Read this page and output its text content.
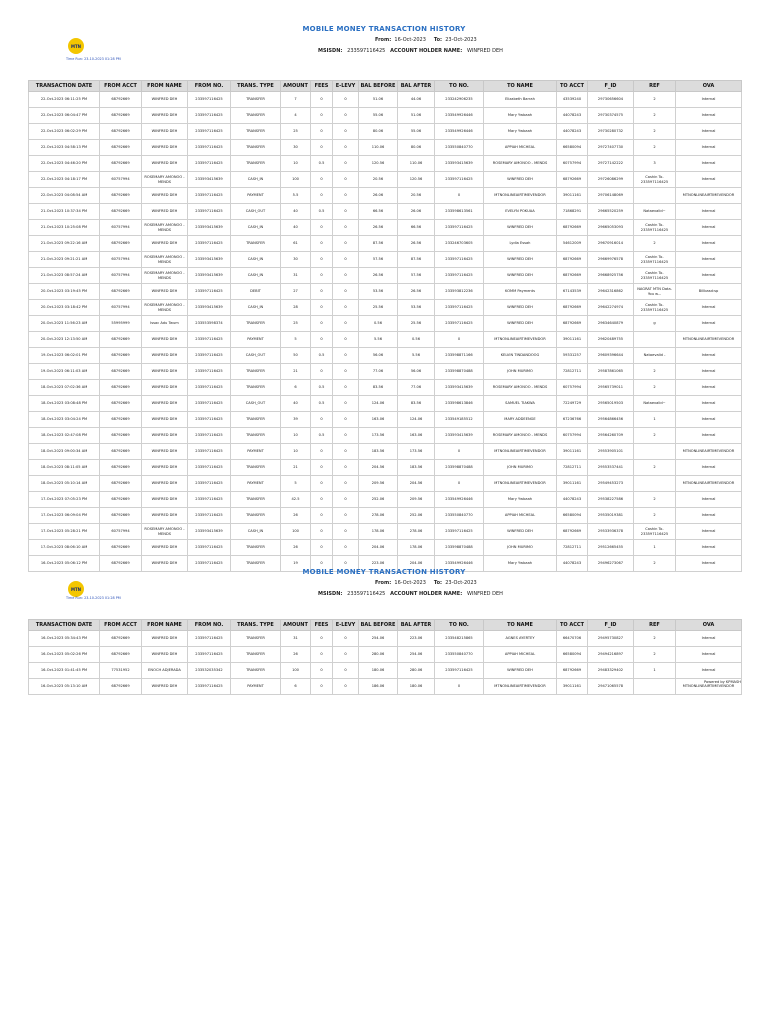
MTN
Time Run: 23-10-2023 01:28 PM
MOBILE MONEY TRANSACTION HISTORY
From: 16-Oct-2023 To: 23-Oct-2023
MSISDN: 233597116425 ACCOUNT HOLDER NAME: WINFRED DEH
TRANSACTION DATE	FROM ACCT	FROM NAME	FROM NO.	TRANS. TYPE	AMOUNT	FEES	E-LEVY	BAL BEFORE	BAL AFTER	TO NO.	TO NAME	TO ACCT	F_ID	REF	OVA
22-Oct-2023 06:11:25 PM	68792669	WINFRED DEH	233597116425	TRANSFER	7	0	0	51.06	44.06	233242906235	Elizabeth Barrah	43539240	29730656604	2	Internal
22-Oct-2023 06:04:47 PM	68792669	WINFRED DEH	233597116425	TRANSFER	4	0	0	55.06	51.06	233549926446	Mary Ywbaah	44078243	29730374575	2	Internal
22-Oct-2023 06:02:29 PM	68792669	WINFRED DEH	233597116425	TRANSFER	25	0	0	80.06	55.06	233549926446	Mary Ywbaah	44078243	29730280732	2	Internal
22-Oct-2023 04:58:13 PM	68792669	WINFRED DEH	233597116425	TRANSFER	30	0	0	110.06	80.06	233550840770	APPIAH MICHEAL	66580094	29727407730	2	Internal
22-Oct-2023 04:46:20 PM	68792669	WINFRED DEH	233597116425	TRANSFER	10	0.5	0	120.56	110.06	233593415639	ROSEMARY AMONOO - MENDS	60757994	29727142222	3	Internal
22-Oct-2023 04:18:17 PM	60757994	ROSEMARY AMONOO - MENDS	233593415639	CASH_IN	100	0	0	20.56	120.56	233597116425	WINFRED DEH	68792669	29726086299	Cashin To-233597116425	Internal
22-Oct-2023 04:08:54 AM	68792669	WINFRED DEH	233597116425	PAYMENT	5.5	0	0	26.06	20.56	0	MTNONLINEAIRTIMEVENDOR	39011161	29706148069		MTNONLINEAIRTIMEVENDOR
21-Oct-2023 10:37:34 PM	68792669	WINFRED DEH	233597116425	CASH_OUT	40	0.5	0	66.56	26.06	233598613561	EVELYN POKUAA	71868291	29665520259	Nataevalid~	Internal
21-Oct-2023 10:25:08 PM	60757994	ROSEMARY AMONOO - MENDS	233593415639	CASH_IN	40	0	0	26.56	66.56	233597116425	WINFRED DEH	68792669	29665053093	Cashin To-233597116425	Internal
21-Oct-2023 09:22:16 AM	68792669	WINFRED DEH	233597116425	TRANSFER	61	0	0	87.56	26.56	233246703605	Lydia Essah	54612009	29670916014	2	Internal
21-Oct-2023 09:21:21 AM	60757994	ROSEMARY AMONOO - MENDS	233593415639	CASH_IN	30	0	0	57.56	87.56	233597116425	WINFRED DEH	68792669	29669976578	Cashin To-233597116425	Internal
21-Oct-2023 08:57:24 AM	60757994	ROSEMARY AMONOO - MENDS	233593415639	CASH_IN	31	0	0	26.56	57.56	233597116425	WINFRED DEH	68792669	29668925756	Cashin To-233597116425	Internal
20-Oct-2023 03:19:45 PM	68792669	WINFRED DEH	233597116425	DEBIT	27	0	0	53.56	26.56	233593812236	KOMM Payments	67143539	29642316862	NAGRAT MTN Data. You w...	Billbasd:sp
20-Oct-2023 03:18:42 PM	60757994	ROSEMARY AMONOO - MENDS	233593415639	CASH_IN	28	0	0	25.56	53.56	233597116425	WINFRED DEH	68792669	29642274974	Cashin To-233597116425	Internal
20-Oct-2023 11:56:23 AM	55995999	Issac Adu Twum	233553598374	TRANSFER	25	0	0	0.56	25.56	233597116425	WINFRED DEH	68792669	29634640879	g	Internal
20-Oct-2023 12:13:50 AM	68792669	WINFRED DEH	233597116425	PAYMENT	5	0	0	5.56	0.56	0	MTNONLINEAIRTIMEVENDOR	39011161	29620489755		MTNONLINEAIRTIMEVENDOR
19-Oct-2023 06:02:01 PM	68792669	WINFRED DEH	233597116425	CASH_OUT	50	0.5	0	56.06	5.56	233598871166	KELVIN TINDANDOOG	59331257	29609396644	Nataevalid -	Internal
19-Oct-2023 06:11:03 AM	68792669	WINFRED DEH	233597116425	TRANSFER	21	0	0	77.06	56.06	233598870488	JOHN MURIMO	72812711	29587861065	2	Internal
18-Oct-2023 07:02:36 AM	68792669	WINFRED DEH	233597116425	TRANSFER	6	0.5	0	83.56	77.06	233593415639	ROSEMARY AMONOO - MENDS	60757994	29565739011	2	Internal
18-Oct-2023 03:08:48 PM	68792669	WINFRED DEH	233597116425	CASH_OUT	40	0.5	0	124.06	83.56	233598613846	SAMUEL TIAKWA	72249729	29565019503	Nataevalid~	Internal
18-Oct-2023 03:04:24 PM	68792669	WINFRED DEH	233597116425	TRANSFER	39	0	0	163.06	124.06	233549185512	MARY ADDEENGE	67236766	29564866456	1	Internal
18-Oct-2023 02:47:08 PM	68792669	WINFRED DEH	233597116425	TRANSFER	10	0.5	0	173.56	163.06	233593415639	ROSEMARY AMONOO - MENDS	60757994	29564260709	2	Internal
18-Oct-2023 09:00:34 AM	68792669	WINFRED DEH	233597116425	PAYMENT	10	0	0	183.56	173.56	0	MTNONLINEAIRTIMEVENDOR	39011161	29553905101		MTNONLINEAIRTIMEVENDOR
18-Oct-2023 08:11:05 AM	68792669	WINFRED DEH	233597116425	TRANSFER	21	0	0	204.56	183.56	233598870488	JOHN MURIMO	72812711	29553537441	2	Internal
18-Oct-2023 05:10:14 AM	68792669	WINFRED DEH	233597116425	PAYMENT	5	0	0	209.56	204.56	0	MTNONLINEAIRTIMEVENDOR	39011161	29549453273		MTNONLINEAIRTIMEVENDOR
17-Oct-2023 07:05:23 PM	68792669	WINFRED DEH	233597116425	TRANSFER	42.5	0	0	252.06	209.56	233549926446	Mary Ywbaah	44078243	29538227586	2	Internal
17-Oct-2023 06:09:04 PM	68792669	WINFRED DEH	233597116425	TRANSFER	26	0	0	278.06	252.06	233550840770	APPIAH MICHEAL	66580094	29535019381	2	Internal
17-Oct-2023 05:28:21 PM	60757994	ROSEMARY AMONOO - MENDS	233593415639	CASH_IN	100	0	0	178.06	278.06	233597116425	WINFRED DEH	68792669	29533936378	Cashin To-233597116425	Internal
17-Oct-2023 08:06:10 AM	68792669	WINFRED DEH	233597116425	TRANSFER	26	0	0	204.06	178.06	233598870488	JOHN MURIMO	72812711	29512665455	1	Internal
16-Oct-2023 05:06:12 PM	68792669	WINFRED DEH	233597116425	TRANSFER	19	0	0	223.06	204.06	233549926446	Mary Ywbaah	44078243	29496273067	2	Internal
MTN
Time Run: 23-10-2023 01:28 PM
MOBILE MONEY TRANSACTION HISTORY
From: 16-Oct-2023 To: 23-Oct-2023
MSISDN: 233597116425 ACCOUNT HOLDER NAME: WINFRED DEH
TRANSACTION DATE	FROM ACCT	FROM NAME	FROM NO.	TRANS. TYPE	AMOUNT	FEES	E-LEVY	BAL BEFORE	BAL AFTER	TO NO.	TO NAME	TO ACCT	F_ID	REF	OVA
16-Oct-2023 05:34:43 PM	68792669	WINFRED DEH	233597116425	TRANSFER	31	0	0	254.06	223.06	233548215865	AGNES AYERTEY	66470706	29495730827	2	Internal
16-Oct-2023 05:02:26 PM	68792669	WINFRED DEH	233597116425	TRANSFER	26	0	0	280.06	254.06	233550840770	APPIAH MICHEAL	66580094	29494216897	2	Internal
16-Oct-2023 01:41:45 PM	77531952	ENOCH ADJERADA	233532035342	TRANSFER	100	0	0	180.06	280.06	233597116425	WINFRED DEH	68792669	29483329402	1	Internal
16-Oct-2023 05:13:10 AM	68792669	WINFRED DEH	233597116425	PAYMENT	6	0	0	186.06	180.06	0	MTNONLINEAIRTIMEVENDOR	39011161	29471065578		MTNONLINEAIRTIMEVENDOR
Powered by KPMASH
